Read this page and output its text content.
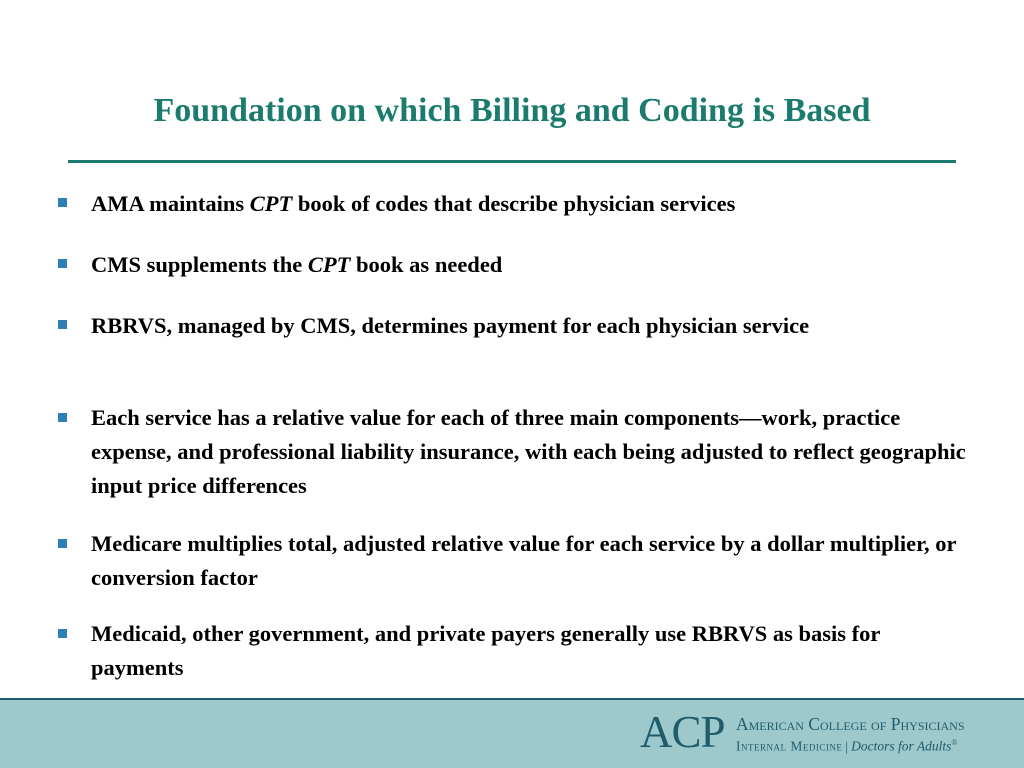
Foundation on which Billing and Coding is Based
AMA maintains CPT book of codes that describe physician services
CMS supplements the CPT book as needed
RBRVS, managed by CMS, determines payment for each physician service
Each service has a relative value for each of three main components—work, practice expense, and professional liability insurance, with each being adjusted to reflect geographic input price differences
Medicare multiplies total, adjusted relative value for each service by a dollar multiplier, or conversion factor
Medicaid, other government, and private payers generally use RBRVS as basis for payments
ACP American College of Physicians
Internal Medicine | Doctors for Adults®
